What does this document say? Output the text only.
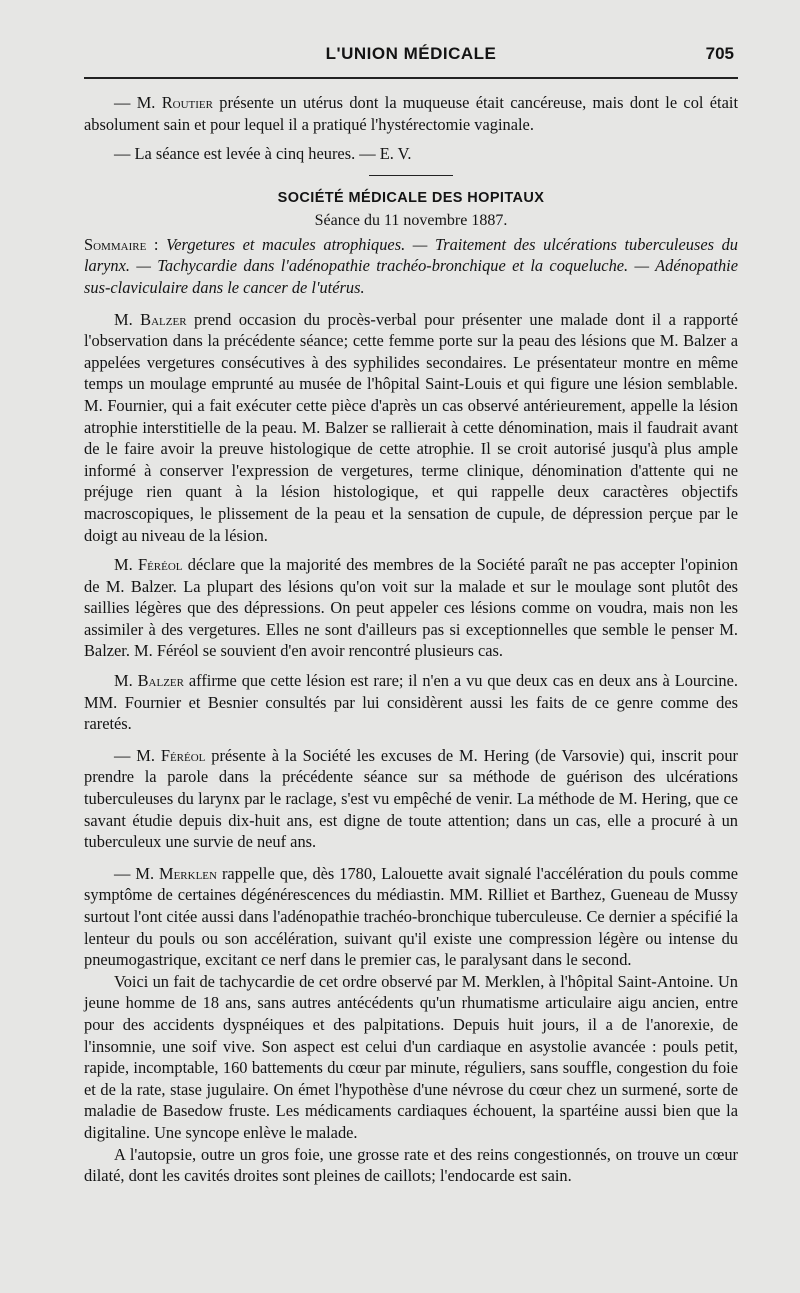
L'UNION MÉDICALE	705

— M. Routier présente un utérus dont la muqueuse était cancéreuse, mais dont le col était absolument sain et pour lequel il a pratiqué l'hystérectomie vaginale.

— La séance est levée à cinq heures. — E. V.

SOCIÉTÉ MÉDICALE DES HOPITAUX
Séance du 11 novembre 1887.
Sommaire : Vergetures et macules atrophiques. — Traitement des ulcérations tuberculeuses du larynx. — Tachycardie dans l'adénopathie trachéo-bronchique et la coqueluche. — Adénopathie sus-claviculaire dans le cancer de l'utérus.

M. Balzer prend occasion du procès-verbal pour présenter une malade dont il a rapporté l'observation dans la précédente séance; cette femme porte sur la peau des lésions que M. Balzer a appelées vergetures consécutives à des syphilides secondaires. Le présentateur montre en même temps un moulage emprunté au musée de l'hôpital Saint-Louis et qui figure une lésion semblable. M. Fournier, qui a fait exécuter cette pièce d'après un cas observé antérieurement, appelle la lésion atrophie interstitielle de la peau. M. Balzer se rallierait à cette dénomination, mais il faudrait avant de le faire avoir la preuve histologique de cette atrophie. Il se croit autorisé jusqu'à plus ample informé à conserver l'expression de vergetures, terme clinique, dénomination d'attente qui ne préjuge rien quant à la lésion histologique, et qui rappelle deux caractères objectifs macroscopiques, le plissement de la peau et la sensation de cupule, de dépression perçue par le doigt au niveau de la lésion.

M. Féréol déclare que la majorité des membres de la Société paraît ne pas accepter l'opinion de M. Balzer. La plupart des lésions qu'on voit sur la malade et sur le moulage sont plutôt des saillies légères que des dépressions. On peut appeler ces lésions comme on voudra, mais non les assimiler à des vergetures. Elles ne sont d'ailleurs pas si exceptionnelles que semble le penser M. Balzer. M. Féréol se souvient d'en avoir rencontré plusieurs cas.

M. Balzer affirme que cette lésion est rare; il n'en a vu que deux cas en deux ans à Lourcine. MM. Fournier et Besnier consultés par lui considèrent aussi les faits de ce genre comme des raretés.

— M. Féréol présente à la Société les excuses de M. Hering (de Varsovie) qui, inscrit pour prendre la parole dans la précédente séance sur sa méthode de guérison des ulcérations tuberculeuses du larynx par le raclage, s'est vu empêché de venir. La méthode de M. Hering, que ce savant étudie depuis dix-huit ans, est digne de toute attention; dans un cas, elle a procuré à un tuberculeux une survie de neuf ans.

— M. Merklen rappelle que, dès 1780, Lalouette avait signalé l'accélération du pouls comme symptôme de certaines dégénérescences du médiastin. MM. Rilliet et Barthez, Gueneau de Mussy surtout l'ont citée aussi dans l'adénopathie trachéo-bronchique tuberculeuse. Ce dernier a spécifié la lenteur du pouls ou son accélération, suivant qu'il existe une compression légère ou intense du pneumogastrique, excitant ce nerf dans le premier cas, le paralysant dans le second.

Voici un fait de tachycardie de cet ordre observé par M. Merklen, à l'hôpital Saint-Antoine. Un jeune homme de 18 ans, sans autres antécédents qu'un rhumatisme articulaire aigu ancien, entre pour des accidents dyspnéiques et des palpitations. Depuis huit jours, il a de l'anorexie, de l'insomnie, une soif vive. Son aspect est celui d'un cardiaque en asystolie avancée : pouls petit, rapide, incomptable, 160 battements du cœur par minute, réguliers, sans souffle, congestion du foie et de la rate, stase jugulaire. On émet l'hypothèse d'une névrose du cœur chez un surmené, sorte de maladie de Basedow fruste. Les médicaments cardiaques échouent, la spartéine aussi bien que la digitaline. Une syncope enlève le malade.

A l'autopsie, outre un gros foie, une grosse rate et des reins congestionnés, on trouve un cœur dilaté, dont les cavités droites sont pleines de caillots; l'endocarde est sain.
